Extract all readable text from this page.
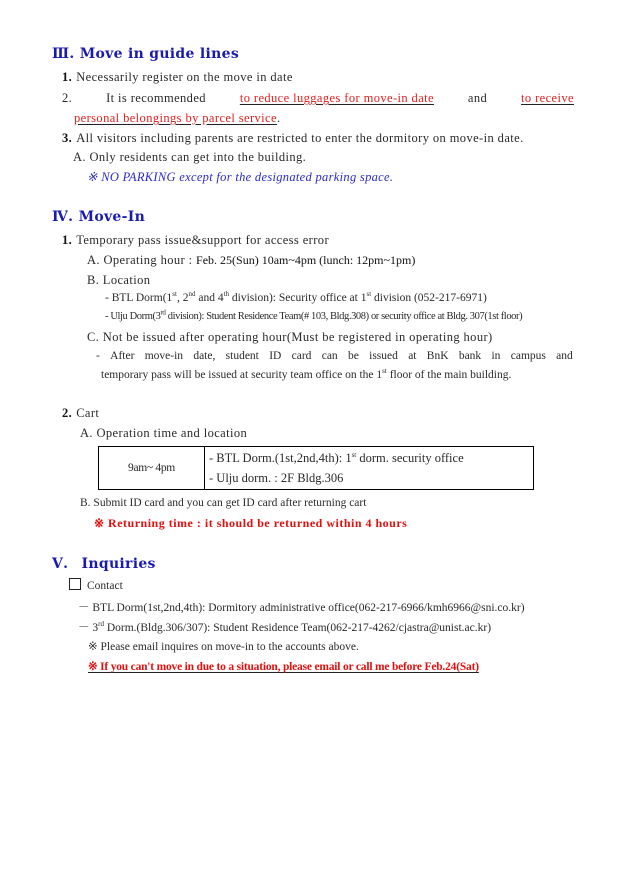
Ⅲ. Move in guide lines
1. Necessarily register on the move in date
2.	It is recommended	to reduce luggages for move-in date	and	to receive
personal belongings by parcel service.
3. All visitors including parents are restricted to enter the dormitory on move-in date.
A. Only residents can get into the building.
※ NO PARKING except for the designated parking space.
Ⅳ. Move-In
1. Temporary pass issue&support for access error
A. Operating hour : Feb. 25(Sun) 10am~4pm (lunch: 12pm~1pm)
B. Location
- BTL Dorm(1st, 2nd and 4th division): Security office at 1st division (052-217-6971)
- Ulju Dorm(3rd division): Student Residence Team(# 103, Bldg.308) or security office at Bldg. 307(1st floor)
C. Not be issued after operating hour(Must be registered in operating hour)
- After move-in date, student ID card can be issued at BnK bank in campus and
temporary pass will be issued at security team office on the 1st floor of the main building.
2. Cart
A. Operation time and location
9am~ 4pm	
- BTL Dorm.(1st,2nd,4th): 1st dorm. security office
- Ulju dorm. : 2F Bldg.306
B. Submit ID card and you can get ID card after returning cart
※ Returning time : it should be returned within 4 hours
Ⅴ. Inquiries
Contact
－ BTL Dorm(1st,2nd,4th): Dormitory administrative office(062-217-6966/kmh6966@sni.co.kr)
－ 3rd Dorm.(Bldg.306/307): Student Residence Team(062-217-4262/cjastra@unist.ac.kr)
※ Please email inquires on move-in to the accounts above.
※ If you can't move in due to a situation, please email or call me before Feb.24(Sat)
